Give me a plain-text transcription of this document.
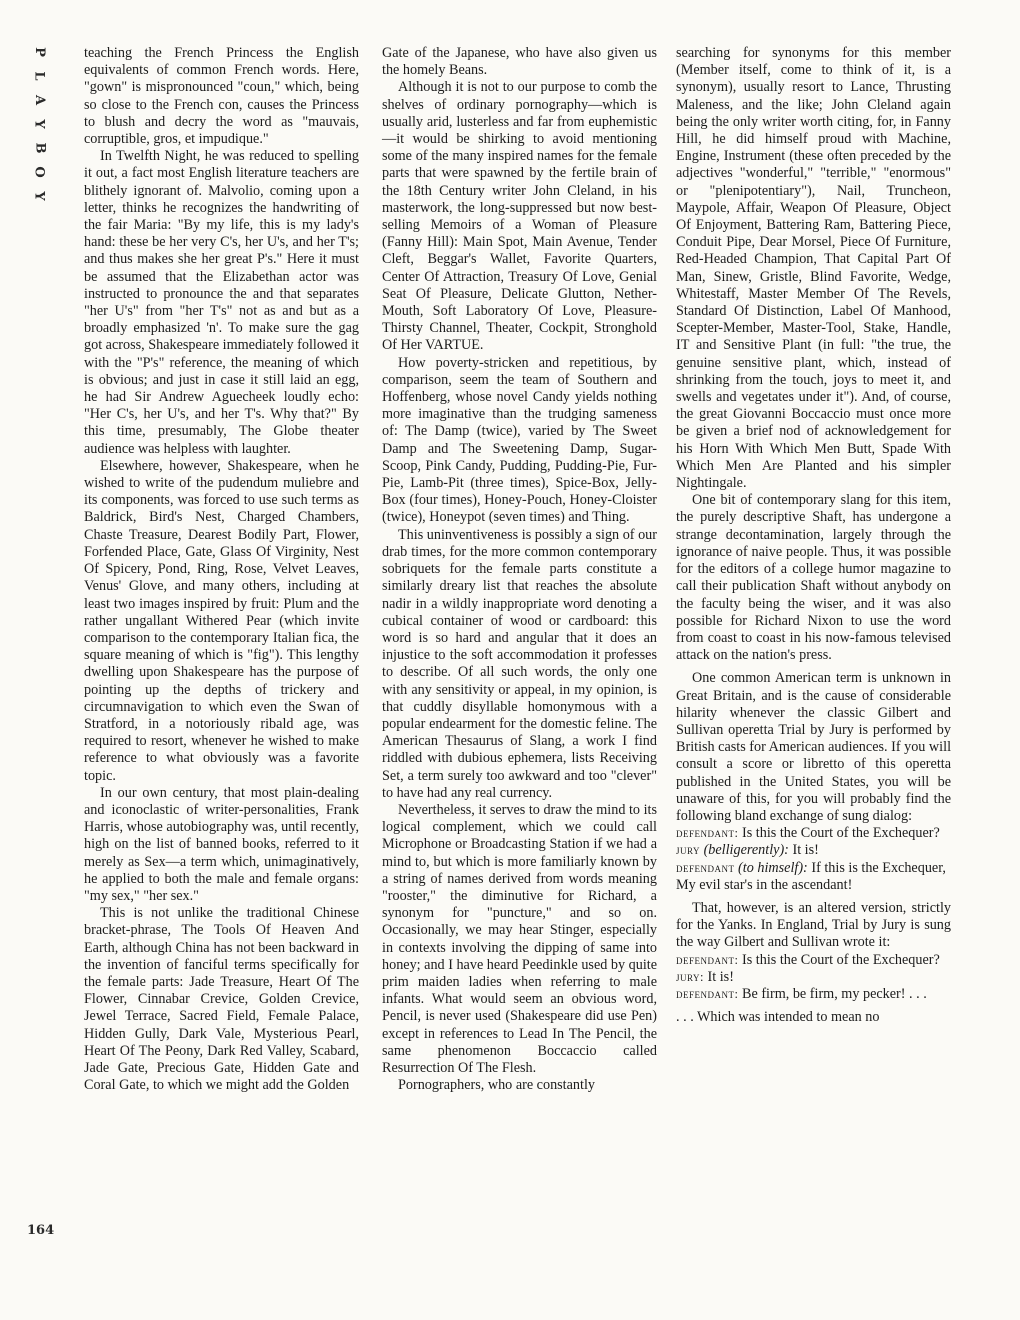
P
L
A
Y
B
O
Y
164

teaching the French Princess the English equivalents of common French words. Here, "gown" is mispronounced "coun," which, being so close to the French con, causes the Princess to blush and decry the word as "mauvais, corruptible, gros, et impudique."

In Twelfth Night, he was reduced to spelling it out, a fact most English literature teachers are blithely ignorant of. Malvolio, coming upon a letter, thinks he recognizes the handwriting of the fair Maria: "By my life, this is my lady's hand: these be her very C's, her U's, and her T's; and thus makes she her great P's." Here it must be assumed that the Elizabethan actor was instructed to pronounce the and that separates "her U's" from "her T's" not as and but as a broadly emphasized 'n'. To make sure the gag got across, Shakespeare immediately followed it with the "P's" reference, the meaning of which is obvious; and just in case it still laid an egg, he had Sir Andrew Aguecheek loudly echo: "Her C's, her U's, and her T's. Why that?" By this time, presumably, The Globe theater audience was helpless with laughter.

Elsewhere, however, Shakespeare, when he wished to write of the pudendum muliebre and its components, was forced to use such terms as Baldrick, Bird's Nest, Charged Chambers, Chaste Treasure, Dearest Bodily Part, Flower, Forfended Place, Gate, Glass Of Virginity, Nest Of Spicery, Pond, Ring, Rose, Velvet Leaves, Venus' Glove, and many others, including at least two images inspired by fruit: Plum and the rather ungallant Withered Pear (which invite comparison to the contemporary Italian fica, the square meaning of which is "fig"). This lengthy dwelling upon Shakespeare has the purpose of pointing up the depths of trickery and circumnavigation to which even the Swan of Stratford, in a notoriously ribald age, was required to resort, whenever he wished to make reference to what obviously was a favorite topic.

In our own century, that most plain-dealing and iconoclastic of writer-personalities, Frank Harris, whose autobiography was, until recently, high on the list of banned books, referred to it merely as Sex—a term which, unimaginatively, he applied to both the male and female organs: "my sex," "her sex."

This is not unlike the traditional Chinese bracket-phrase, The Tools Of Heaven And Earth, although China has not been backward in the invention of fanciful terms specifically for the female parts: Jade Treasure, Heart Of The Flower, Cinnabar Crevice, Golden Crevice, Jewel Terrace, Sacred Field, Female Palace, Hidden Gully, Dark Vale, Mysterious Pearl, Heart Of The Peony, Dark Red Valley, Scabard, Jade Gate, Precious Gate, Hidden Gate and Coral Gate, to which we might add the Golden

Gate of the Japanese, who have also given us the homely Beans.

Although it is not to our purpose to comb the shelves of ordinary pornography—which is usually arid, lusterless and far from euphemistic—it would be shirking to avoid mentioning some of the many inspired names for the female parts that were spawned by the fertile brain of the 18th Century writer John Cleland, in his masterwork, the long-suppressed but now best-selling Memoirs of a Woman of Pleasure (Fanny Hill): Main Spot, Main Avenue, Tender Cleft, Beggar's Wallet, Favorite Quarters, Center Of Attraction, Treasury Of Love, Genial Seat Of Pleasure, Delicate Glutton, Nether-Mouth, Soft Laboratory Of Love, Pleasure-Thirsty Channel, Theater, Cockpit, Stronghold Of Her VARTUE.

How poverty-stricken and repetitious, by comparison, seem the team of Southern and Hoffenberg, whose novel Candy yields nothing more imaginative than the trudging sameness of: The Damp (twice), varied by The Sweet Damp and The Sweetening Damp, Sugar-Scoop, Pink Candy, Pudding, Pudding-Pie, Fur-Pie, Lamb-Pit (three times), Spice-Box, Jelly-Box (four times), Honey-Pouch, Honey-Cloister (twice), Honeypot (seven times) and Thing.

This uninventiveness is possibly a sign of our drab times, for the more common contemporary sobriquets for the female parts constitute a similarly dreary list that reaches the absolute nadir in a wildly inappropriate word denoting a cubical container of wood or cardboard: this word is so hard and angular that it does an injustice to the soft accommodation it professes to describe. Of all such words, the only one with any sensitivity or appeal, in my opinion, is that cuddly disyllable homonymous with a popular endearment for the domestic feline. The American Thesaurus of Slang, a work I find riddled with dubious ephemera, lists Receiving Set, a term surely too awkward and too "clever" to have had any real currency.

Nevertheless, it serves to draw the mind to its logical complement, which we could call Microphone or Broadcasting Station if we had a mind to, but which is more familiarly known by a string of names derived from words meaning "rooster," the diminutive for Richard, a synonym for "puncture," and so on. Occasionally, we may hear Stinger, especially in contexts involving the dipping of same into honey; and I have heard Peedinkle used by quite prim maiden ladies when referring to male infants. What would seem an obvious word, Pencil, is never used (Shakespeare did use Pen) except in references to Lead In The Pencil, the same phenomenon Boccaccio called Resurrection Of The Flesh.

Pornographers, who are constantly

searching for synonyms for this member (Member itself, come to think of it, is a synonym), usually resort to Lance, Thrusting Maleness, and the like; John Cleland again being the only writer worth citing, for, in Fanny Hill, he did himself proud with Machine, Engine, Instrument (these often preceded by the adjectives "wonderful," "terrible," "enormous" or "plenipotentiary"), Nail, Truncheon, Maypole, Affair, Weapon Of Pleasure, Object Of Enjoyment, Battering Ram, Battering Piece, Conduit Pipe, Dear Morsel, Piece Of Furniture, Red-Headed Champion, That Capital Part Of Man, Sinew, Gristle, Blind Favorite, Wedge, Whitestaff, Master Member Of The Revels, Standard Of Distinction, Label Of Manhood, Scepter-Member, Master-Tool, Stake, Handle, IT and Sensitive Plant (in full: "the true, the genuine sensitive plant, which, instead of shrinking from the touch, joys to meet it, and swells and vegetates under it"). And, of course, the great Giovanni Boccaccio must once more be given a brief nod of acknowledgement for his Horn With Which Men Butt, Spade With Which Men Are Planted and his simpler Nightingale.

One bit of contemporary slang for this item, the purely descriptive Shaft, has undergone a strange decontamination, largely through the ignorance of naive people. Thus, it was possible for the editors of a college humor magazine to call their publication Shaft without anybody on the faculty being the wiser, and it was also possible for Richard Nixon to use the word from coast to coast in his now-famous televised attack on the nation's press.

One common American term is unknown in Great Britain, and is the cause of considerable hilarity whenever the classic Gilbert and Sullivan operetta Trial by Jury is performed by British casts for American audiences. If you will consult a score or libretto of this operetta published in the United States, you will be unaware of this, for you will probably find the following bland exchange of sung dialog:

defendant: Is this the Court of the Exchequer?

jury (belligerently): It is!

defendant (to himself): If this is the Exchequer,

My evil star's in the ascendant!

That, however, is an altered version, strictly for the Yanks. In England, Trial by Jury is sung the way Gilbert and Sullivan wrote it:

defendant: Is this the Court of the Exchequer?

jury: It is!

defendant: Be firm, be firm, my pecker! . . .

. . . Which was intended to mean no
